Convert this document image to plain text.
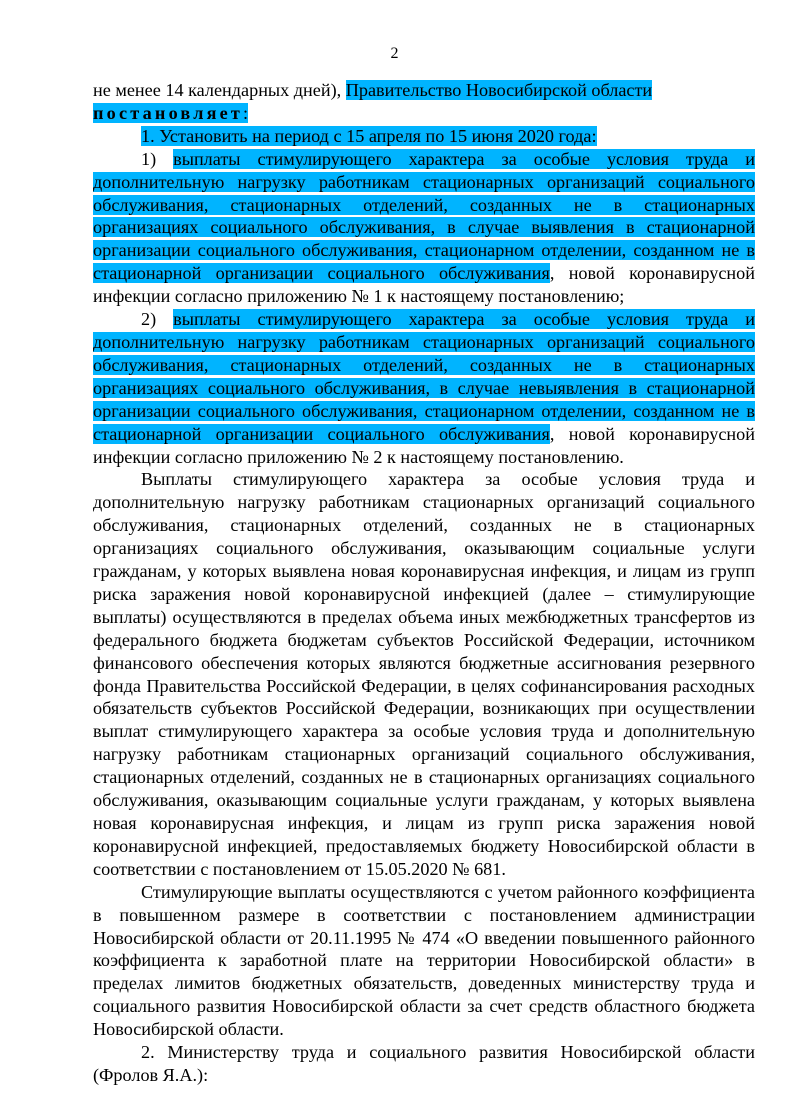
2

не менее 14 календарных дней), Правительство Новосибирской области
постановляет:

1. Установить на период с 15 апреля по 15 июня 2020 года:

1) выплаты стимулирующего характера за особые условия труда и дополнительную нагрузку работникам стационарных организаций социального обслуживания, стационарных отделений, созданных не в стационарных организациях социального обслуживания, в случае выявления в стационарной организации социального обслуживания, стационарном отделении, созданном не в стационарной организации социального обслуживания, новой коронавирусной инфекции согласно приложению № 1 к настоящему постановлению;

2) выплаты стимулирующего характера за особые условия труда и дополнительную нагрузку работникам стационарных организаций социального обслуживания, стационарных отделений, созданных не в стационарных организациях социального обслуживания, в случае невыявления в стационарной организации социального обслуживания, стационарном отделении, созданном не в стационарной организации социального обслуживания, новой коронавирусной инфекции согласно приложению № 2 к настоящему постановлению.

Выплаты стимулирующего характера за особые условия труда и дополнительную нагрузку работникам стационарных организаций социального обслуживания, стационарных отделений, созданных не в стационарных организациях социального обслуживания, оказывающим социальные услуги гражданам, у которых выявлена новая коронавирусная инфекция, и лицам из групп риска заражения новой коронавирусной инфекцией (далее – стимулирующие выплаты) осуществляются в пределах объема иных межбюджетных трансфертов из федерального бюджета бюджетам субъектов Российской Федерации, источником финансового обеспечения которых являются бюджетные ассигнования резервного фонда Правительства Российской Федерации, в целях софинансирования расходных обязательств субъектов Российской Федерации, возникающих при осуществлении выплат стимулирующего характера за особые условия труда и дополнительную нагрузку работникам стационарных организаций социального обслуживания, стационарных отделений, созданных не в стационарных организациях социального обслуживания, оказывающим социальные услуги гражданам, у которых выявлена новая коронавирусная инфекция, и лицам из групп риска заражения новой коронавирусной инфекцией, предоставляемых бюджету Новосибирской области в соответствии с постановлением от 15.05.2020 № 681.

Стимулирующие выплаты осуществляются с учетом районного коэффициента в повышенном размере в соответствии с постановлением администрации Новосибирской области от 20.11.1995 № 474 «О введении повышенного районного коэффициента к заработной плате на территории Новосибирской области» в пределах лимитов бюджетных обязательств, доведенных министерству труда и социального развития Новосибирской области за счет средств областного бюджета Новосибирской области.

2. Министерству труда и социального развития Новосибирской области (Фролов Я.А.):
